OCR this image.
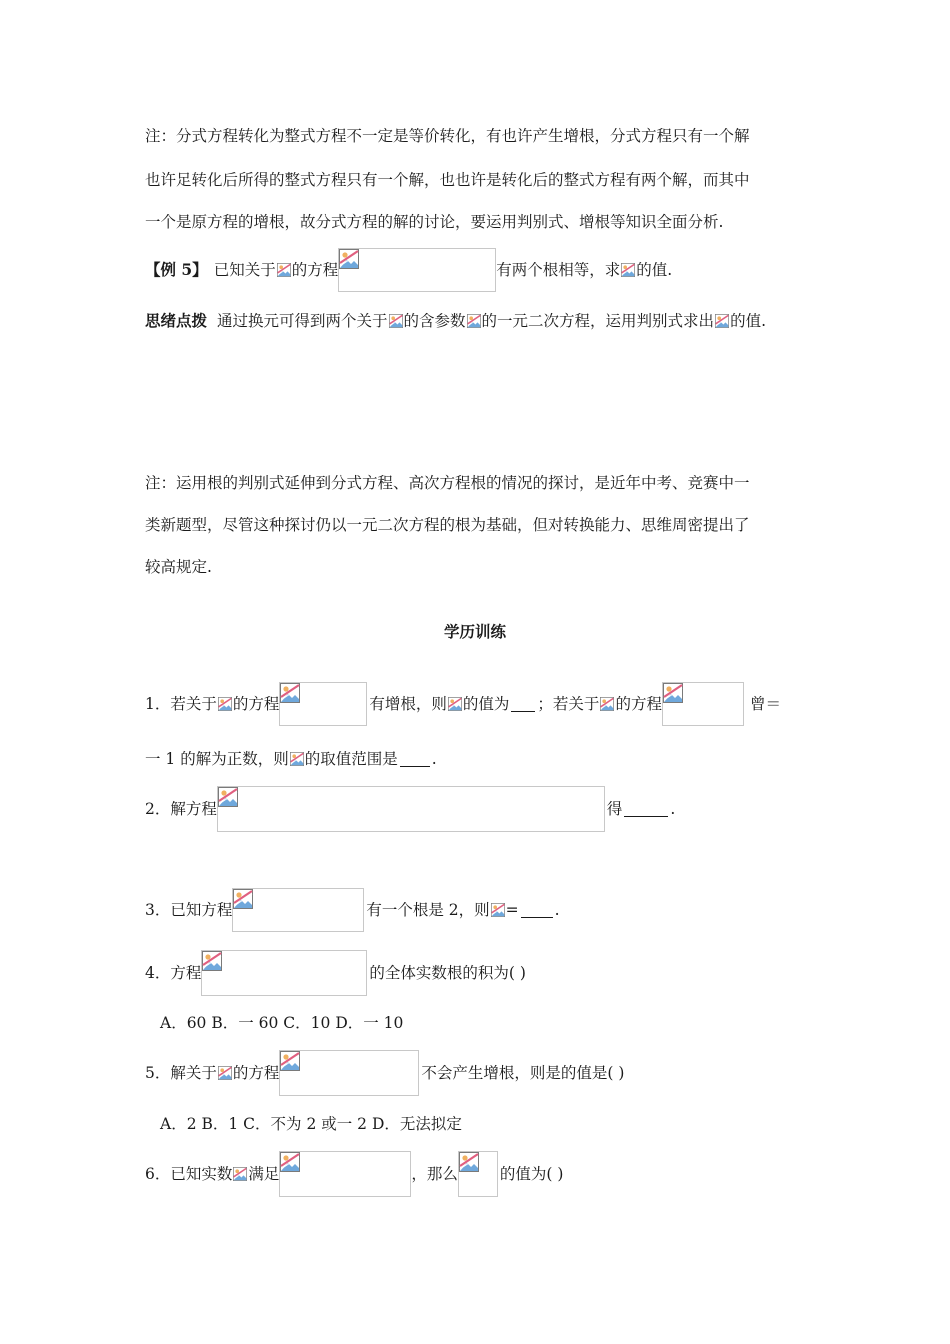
注：分式方程转化为整式方程不一定是等价转化，有也许产生增根，分式方程只有一个解
也许足转化后所得的整式方程只有一个解，也也许是转化后的整式方程有两个解，而其中
一个是原方程的增根，故分式方程的解的讨论，要运用判别式、增根等知识全面分析.
【例 5】 已知关于 的方程	有两个根相等，求 的值.
思绪点拨 通过换元可得到两个关于 的含参数 的一元二次方程，运用判别式求出 的值.
注：运用根的判别式延伸到分式方程、高次方程根的情况的探讨，是近年中考、竞赛中一
类新题型，尽管这种探讨仍以一元二次方程的根为基础，但对转换能力、思维周密提出了
较高规定.
学历训练
1．若关于 的方程	有增根，则 的值为 ；若关于 的方程	曾＝
一 1 的解为正数，则 的取值范围是 .
2．解方程	得	.
3．已知方程	有一个根是 2，则 = .
4．方程	的全体实数根的积为( )
A．60 B．一 60 C．10 D．一 10
5．解关于 的方程	不会产生增根，则是的值是( )
A．2 B．1 C．不为 2 或一 2 D．无法拟定
6．已知实数 满足	，那么	的值为( )
